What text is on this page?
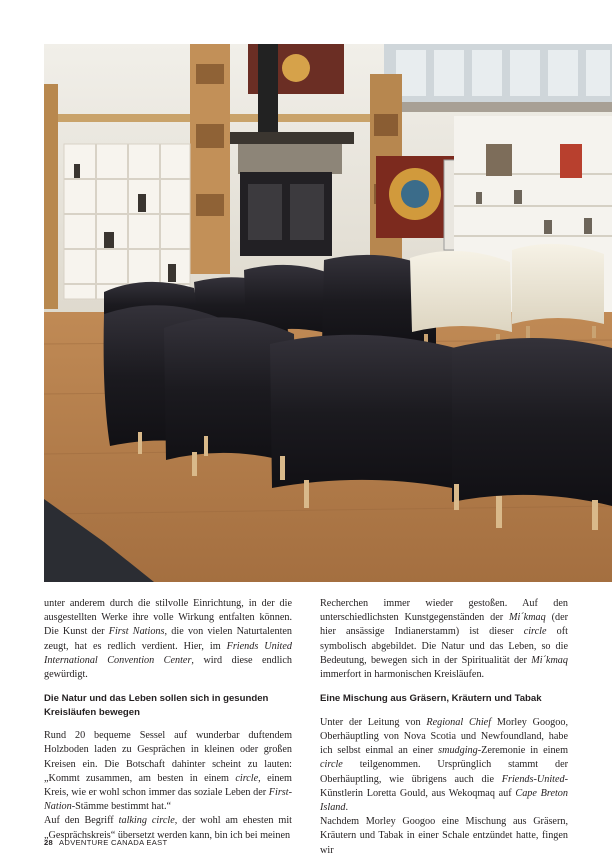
unter anderem durch die stilvolle Einrichtung, in der die ausgestellten Werke ihre volle Wirkung entfalten können. Die Kunst der First Nations, die von vielen Naturtalenten zeugt, hat es redlich verdient. Hier, im Friends United International Convention Center, wird diese endlich gewürdigt.

Die Natur und das Leben sollen sich in gesunden Kreisläufen bewegen

Rund 20 bequeme Sessel auf wunderbar duftendem Holzboden laden zu Gesprächen in kleinen oder großen Kreisen ein. Die Botschaft dahinter scheint zu lauten: „Kommt zusammen, am besten in einem circle, einem Kreis, wie er wohl schon immer das soziale Leben der First-Nation-Stämme bestimmt hat.“

Auf den Begriff talking circle, der wohl am ehesten mit „Gesprächskreis“ übersetzt werden kann, bin ich bei meinen

Recherchen immer wieder gestoßen. Auf den unterschiedlichsten Kunstgegenständen der Mi´kmaq (der hier ansässige Indianerstamm) ist dieser circle oft symbolisch abgebildet. Die Natur und das Leben, so die Bedeutung, bewegen sich in der Spiritualität der Mi´kmaq immerfort in harmonischen Kreisläufen.

Eine Mischung aus Gräsern, Kräutern und Tabak

Unter der Leitung von Regional Chief Morley Googoo, Oberhäuptling von Nova Scotia und Newfoundland, habe ich selbst einmal an einer smudging-Zeremonie in einem circle teilgenommen. Ursprünglich stammt der Oberhäuptling, wie übrigens auch die Friends-United-Künstlerin Loretta Gould, aus Wekoqmaq auf Cape Breton Island.

Nachdem Morley Googoo eine Mischung aus Gräsern, Kräutern und Tabak in einer Schale entzündet hatte, fingen wir

28 ADVENTURE CANADA EAST
